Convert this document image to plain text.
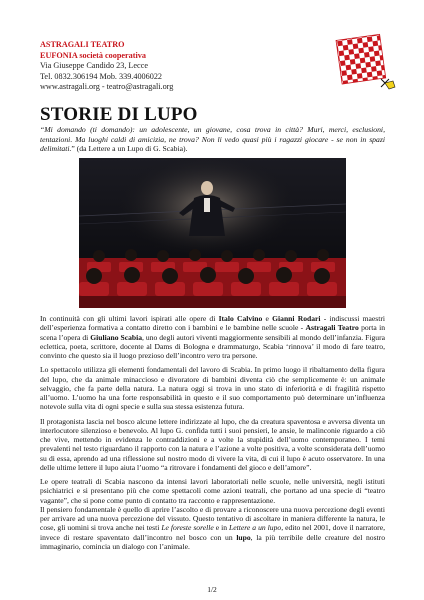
ASTRAGALI TEATRO
EUFONIA società cooperativa
Via Giuseppe Candido 23, Lecce
Tel. 0832.306194 Mob. 339.4006022
www.astragali.org - teatro@astragali.org
STORIE DI LUPO
“Mi domando (ti domando): un adolescente, un giovane, cosa trova in città? Muri, merci, esclusioni, tentazioni. Ma luoghi caldi di amicizia, ne trova? Non li vedo quasi più i ragazzi giocare - se non in spazi delimitati.” (da Lettere a un Lupo di G. Scabia).

In continuità con gli ultimi lavori ispirati alle opere di Italo Calvino e Gianni Rodari - indiscussi maestri dell’esperienza formativa a contatto diretto con i bambini e le bambine nelle scuole - Astragali Teatro porta in scena l’opera di Giuliano Scabia, uno degli autori viventi maggiormente sensibili al mondo dell’infanzia. Figura eclettica, poeta, scrittore, docente al Dams di Bologna e drammaturgo, Scabia ‘rinnova’ il modo di fare teatro, convinto che questo sia il luogo prezioso dell’incontro vero tra persone.

Lo spettacolo utilizza gli elementi fondamentali del lavoro di Scabia. In primo luogo il ribaltamento della figura del lupo, che da animale minaccioso e divoratore di bambini diventa ciò che semplicemente è: un animale selvaggio, che fa parte della natura. La natura oggi si trova in uno stato di inferiorità e di fragilità rispetto all’uomo. L’uomo ha una forte responsabilità in questo e il suo comportamento può determinare un’influenza notevole sulla vita di ogni specie e sulla sua stessa esistenza futura.

Il protagonista lascia nel bosco alcune lettere indirizzate al lupo, che da creatura spaventosa e avversa diventa un interlocutore silenzioso e benevolo. Al lupo G. confida tutti i suoi pensieri, le ansie, le malinconie riguardo a ciò che vive, mettendo in evidenza le contraddizioni e a volte la stupidità dell’uomo contemporaneo. I temi prevalenti nel testo riguardano il rapporto con la natura e l’azione a volte positiva, a volte sconsiderata dell’uomo su di essa, aprendo ad una riflessione sul nostro modo di vivere la vita, di cui il lupo è acuto osservatore. In una delle ultime lettere il lupo aiuta l’uomo “a ritrovare i fondamenti del gioco e dell’amore”.

Le opere teatrali di Scabia nascono da intensi lavori laboratoriali nelle scuole, nelle università, negli istituti psichiatrici e si presentano più che come spettacoli come azioni teatrali, che portano ad una specie di “teatro vagante”, che si pone come punto di contatto tra racconto e rappresentazione.

Il pensiero fondamentale è quello di aprire l’ascolto e di provare a riconoscere una nuova percezione degli eventi per arrivare ad una nuova percezione del vissuto. Questo tentativo di ascoltare in maniera differente la natura, le cose, gli uomini si trova anche nei testi Le foreste sorelle e in Lettere a un lupo, edito nel 2001, dove il narratore, invece di restare spaventato dall’incontro nel bosco con un lupo, la più terribile delle creature del nostro immaginario, comincia un dialogo con l’animale.

1/2
